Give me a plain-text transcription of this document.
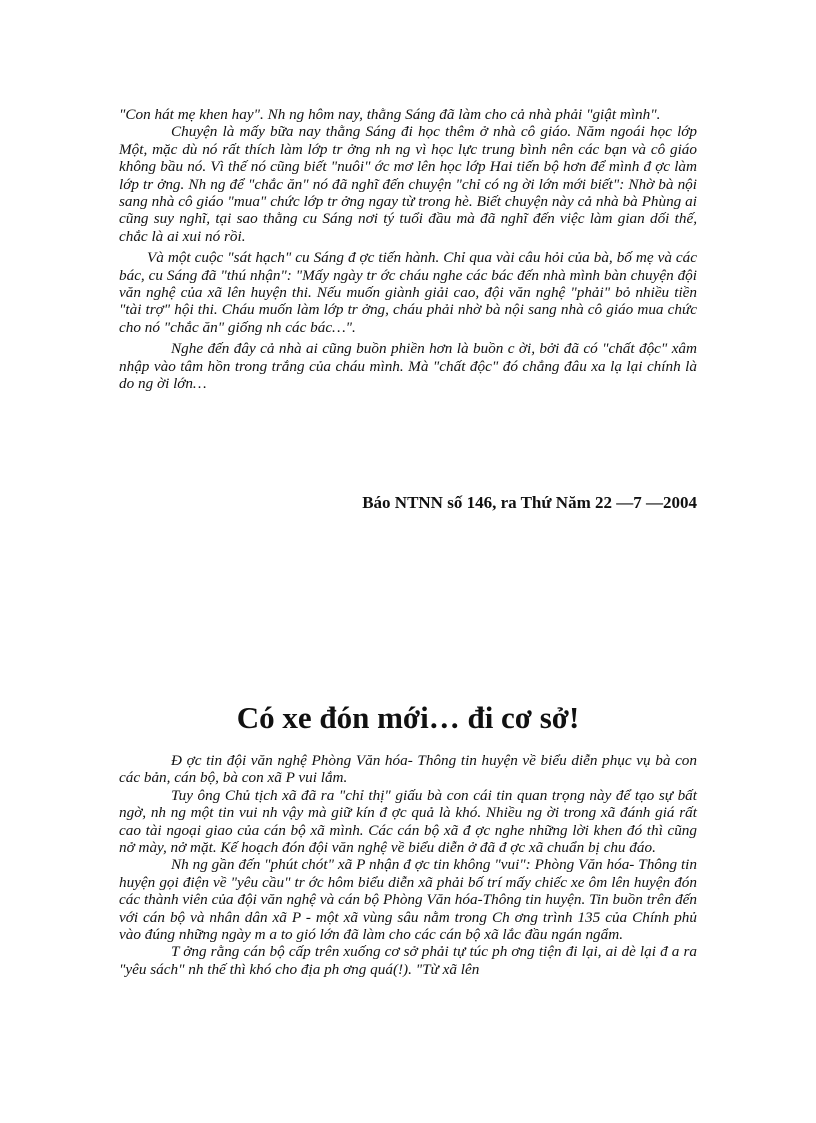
"Con hát mẹ khen hay". Nh ng hôm nay, thằng Sáng đã làm cho cả nhà phải "giật mình".

Chuyện là mấy bữa nay thằng Sáng đi học thêm ở nhà cô giáo. Năm ngoái học lớp Một, mặc dù nó rất thích làm lớp tr ởng nh ng vì học lực trung bình nên các bạn và cô giáo không bầu nó. Vì thế nó cũng biết "nuôi" ớc mơ lên học lớp Hai tiến bộ hơn để mình đ ợc làm lớp tr ởng. Nh ng để "chắc ăn" nó đã nghĩ đến chuyện "chỉ có ng ời lớn mới biết": Nhờ bà nội sang nhà cô giáo "mua" chức lớp tr ởng ngay từ trong hè. Biết chuyện này cả nhà bà Phùng ai cũng suy nghĩ, tại sao thằng cu Sáng nơi tý tuổi đầu mà đã nghĩ đến việc làm gian dối thế, chắc là ai xui nó rồi.

Và một cuộc "sát hạch" cu Sáng đ ợc tiến hành. Chỉ qua vài câu hỏi của bà, bố mẹ và các bác, cu Sáng đã "thú nhận": "Mấy ngày tr ớc cháu nghe các bác đến nhà mình bàn chuyện đội văn nghệ của xã lên huyện thi. Nếu muốn giành giải cao, đội văn nghệ "phải" bỏ nhiều tiền "tài trợ" hội thi. Cháu muốn làm lớp tr ởng, cháu phải nhờ bà nội sang nhà cô giáo mua chức cho nó "chắc ăn" giống nh các bác…".

Nghe đến đây cả nhà ai cũng buồn phiền hơn là buồn c ời, bởi đã có "chất độc" xâm nhập vào tâm hồn trong trắng của cháu mình. Mà "chất độc" đó chẳng đâu xa lạ lại chính là do ng ời lớn…

Báo NTNN số 146, ra Thứ Năm 22 —7 —2004
Có xe đón mới… đi cơ sở!

Đ ợc tin đội văn nghệ Phòng Văn hóa- Thông tin huyện về biểu diễn phục vụ bà con các bản, cán bộ, bà con xã P vui lắm.

Tuy ông Chủ tịch xã đã ra "chỉ thị" giấu bà con cái tin quan trọng này để tạo sự bất ngờ, nh ng một tin vui nh vậy mà giữ kín đ ợc quả là khó. Nhiều ng ời trong xã đánh giá rất cao tài ngoại giao của cán bộ xã mình. Các cán bộ xã đ ợc nghe những lời khen đó thì cũng nở mày, nở mặt. Kế hoạch đón đội văn nghệ về biểu diễn ở đã đ ợc xã chuẩn bị chu đáo.

Nh ng gần đến "phút chót" xã P nhận đ ợc tin không "vui": Phòng Văn hóa- Thông tin huyện gọi điện về "yêu cầu" tr ớc hôm biểu diễn xã phải bố trí mấy chiếc xe ôm lên huyện đón các thành viên của đội văn nghệ và cán bộ Phòng Văn hóa-Thông tin huyện. Tin buồn trên đến với cán bộ và nhân dân xã P - một xã vùng sâu nằm trong Ch ơng trình 135 của Chính phủ vào đúng những ngày m a to gió lớn đã làm cho các cán bộ xã lắc đầu ngán ngẩm.

T ởng rằng cán bộ cấp trên xuống cơ sở phải tự túc ph ơng tiện đi lại, ai dè lại đ a ra "yêu sách" nh thế thì khó cho địa ph ơng quá(!). "Từ xã lên
